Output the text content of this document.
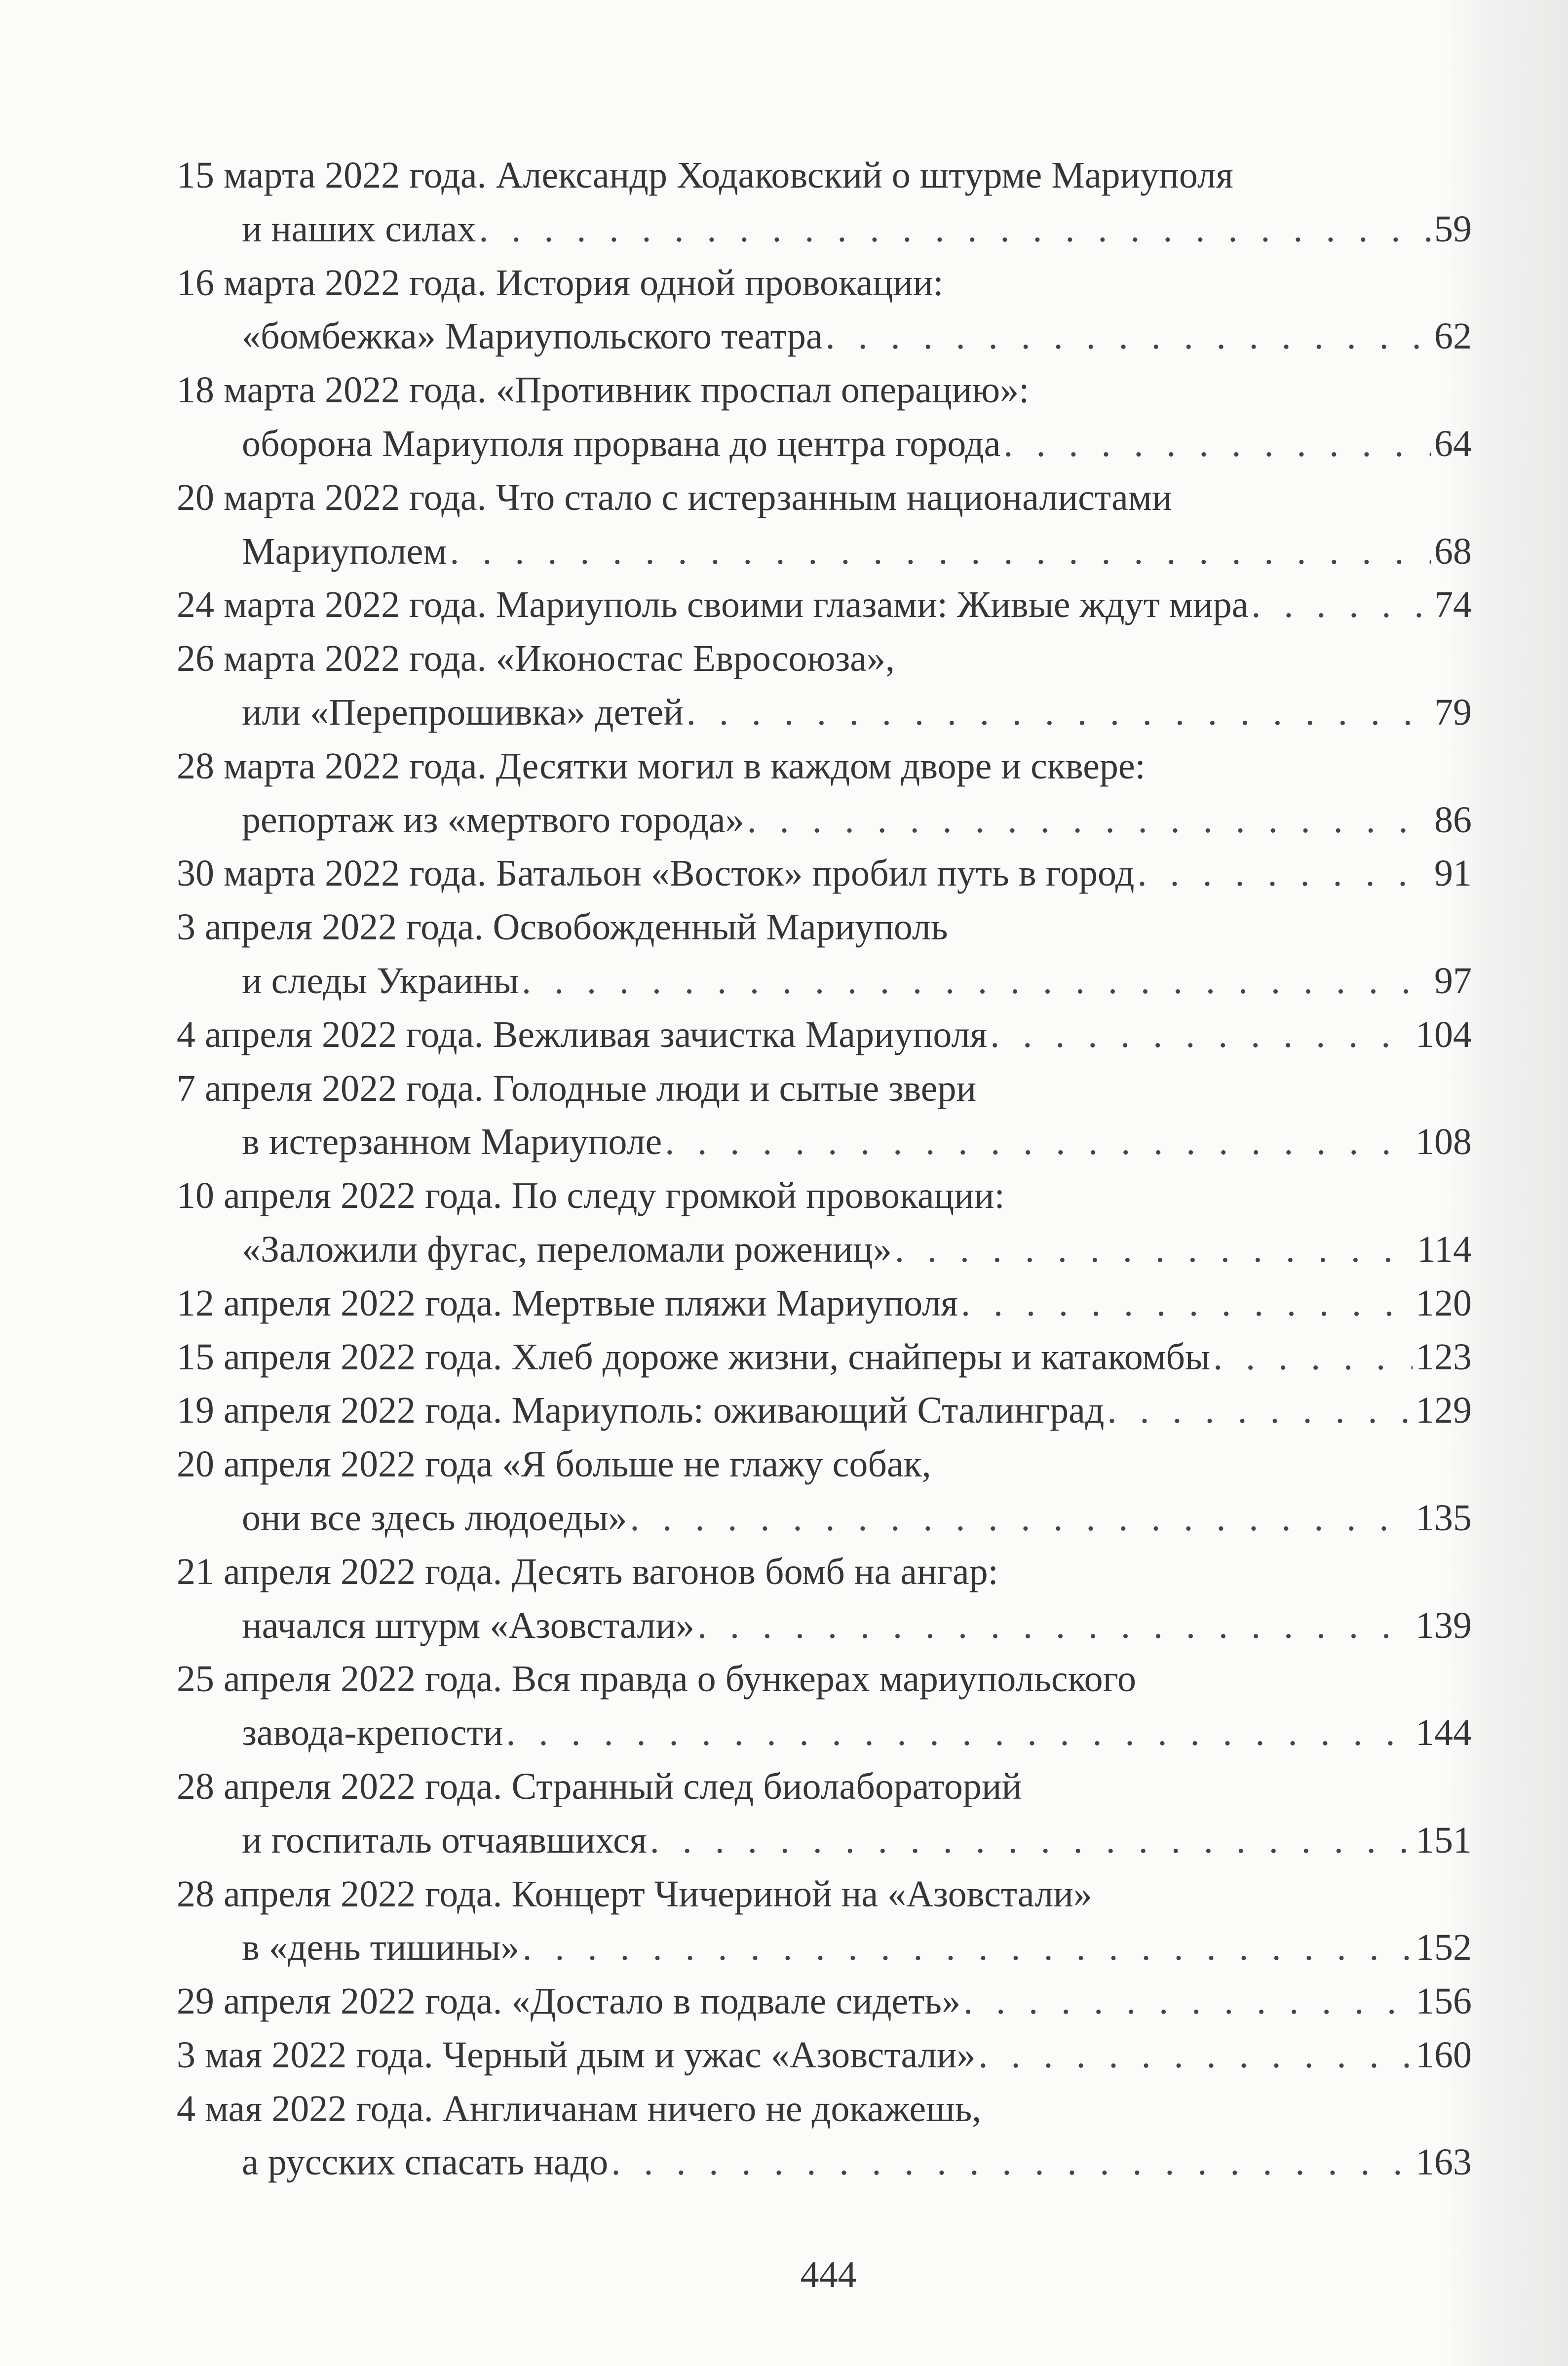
15 марта 2022 года. Александр Ходаковский о штурме Мариуполя
и наших силах . . .	59
16 марта 2022 года. История одной провокации:
«бомбежка» Мариупольского театра . . .	62
18 марта 2022 года. «Противник проспал операцию»:
оборона Мариуполя прорвана до центра города . . .	64
20 марта 2022 года. Что стало с истерзанным националистами
Мариуполем . . .	68
24 марта 2022 года. Мариуполь своими глазами: Живые ждут мира . . .	74
26 марта 2022 года. «Иконостас Евросоюза»,
или «Перепрошивка» детей . . .	79
28 марта 2022 года. Десятки могил в каждом дворе и сквере:
репортаж из «мертвого города» . . .	86
30 марта 2022 года. Батальон «Восток» пробил путь в город . . .	91
3 апреля 2022 года. Освобожденный Мариуполь
и следы Украины . . .	97
4 апреля 2022 года. Вежливая зачистка Мариуполя . . .	104
7 апреля 2022 года. Голодные люди и сытые звери
в истерзанном Мариуполе . . .	108
10 апреля 2022 года. По следу громкой провокации:
«Заложили фугас, переломали рожениц» . . .	114
12 апреля 2022 года. Мертвые пляжи Мариуполя . . .	120
15 апреля 2022 года. Хлеб дороже жизни, снайперы и катакомбы . . .	123
19 апреля 2022 года. Мариуполь: оживающий Сталинград . . .	129
20 апреля 2022 года «Я больше не глажу собак,
они все здесь людоеды» . . .	135
21 апреля 2022 года. Десять вагонов бомб на ангар:
начался штурм «Азовстали» . . .	139
25 апреля 2022 года. Вся правда о бункерах мариупольского
завода-крепости . . .	144
28 апреля 2022 года. Странный след биолабораторий
и госпиталь отчаявшихся . . .	151
28 апреля 2022 года. Концерт Чичериной на «Азовстали»
в «день тишины» . . .	152
29 апреля 2022 года. «Достало в подвале сидеть» . . .	156
3 мая 2022 года. Черный дым и ужас «Азовстали» . . .	160
4 мая 2022 года. Англичанам ничего не докажешь,
а русских спасать надо . . .	163
444
